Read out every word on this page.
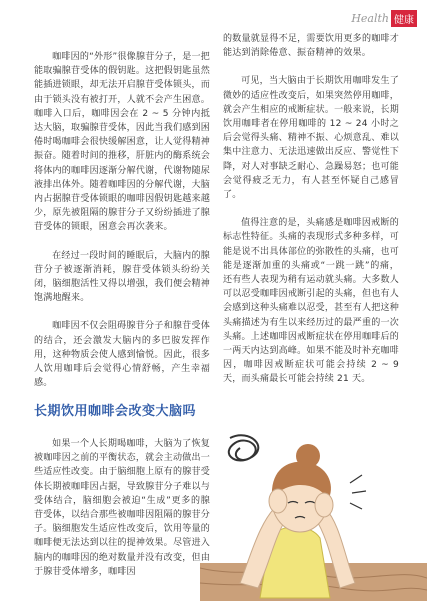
Health 健康

咖啡因的“外形”很像腺苷分子，是一把能取骗腺苷受体的假钥匙。这把假钥匙虽然能插进锁眼，却无法开启腺苷受体锁头，而由于锁头没有被打开，人就不会产生困意。咖啡入口后，咖啡因会在 2 ~ 5 分钟内抵达大脑，取骗腺苷受体，因此当我们感到困倦时喝咖啡会很快缓解困意，让人觉得精神振奋。随着时间的推移，肝脏内的酶系统会将体内的咖啡因逐渐分解代谢，代谢物随尿液排出体外。随着咖啡因的分解代谢，大脑内占据腺苷受体锁眼的咖啡因假钥匙越来越少，原先被阻隔的腺苷分子又纷纷插进了腺苷受体的锁眼，困意会再次袭来。

在经过一段时间的睡眠后，大脑内的腺苷分子被逐渐消耗，腺苷受体锁头纷纷关闭，脑细胞活性又得以增强，我们便会精神饱满地醒来。

咖啡因不仅会阻碍腺苷分子和腺苷受体的结合，还会激发大脑内的多巴胺发挥作用，这种物质会使人感到愉悦。因此，很多人饮用咖啡后会觉得心情舒畅，产生幸福感。

长期饮用咖啡会改变大脑吗

如果一个人长期喝咖啡，大脑为了恢复被咖啡因之前的平衡状态，就会主动做出一些适应性改变。由于脑细胞上原有的腺苷受体长期被咖啡因占据，导致腺苷分子难以与受体结合，脑细胞会被迫“生成”更多的腺苷受体，以结合那些被咖啡因阻隔的腺苷分子。脑细胞发生适应性改变后，饮用等量的咖啡便无法达到以往的提神效果。尽管进入脑内的咖啡因的绝对数量并没有改变，但由于腺苷受体增多，咖啡因

的数量就显得不足，需要饮用更多的咖啡才能达到消除倦意、振奋精神的效果。

可见，当大脑由于长期饮用咖啡发生了微妙的适应性改变后，如果突然停用咖啡，就会产生相应的戒断症状。一般来说，长期饮用咖啡者在停用咖啡的 12 ~ 24 小时之后会觉得头痛、精神不振、心烦意乱、难以集中注意力、无法迅速做出反应、警觉性下降，对人对事缺乏耐心、急躁易怒；也可能会觉得疲乏无力，有人甚至怀疑自己感冒了。

值得注意的是，头痛感是咖啡因戒断的标志性特征。头痛的表现形式多种多样，可能是说不出具体部位的弥散性的头痛，也可能是逐渐加重的头痛或“一跳一跳”的痛，还有些人表现为稍有运动就头痛。大多数人可以忍受咖啡因戒断引起的头痛，但也有人会感到这种头痛难以忍受，甚至有人把这种头痛描述为有生以来经历过的最严重的一次头痛。上述咖啡因戒断症状在停用咖啡后的一两天内达到高峰。如果不能及时补充咖啡因，咖啡因戒断症状可能会持续 2 ~ 9 天，而头痛最长可能会持续 21 天。
